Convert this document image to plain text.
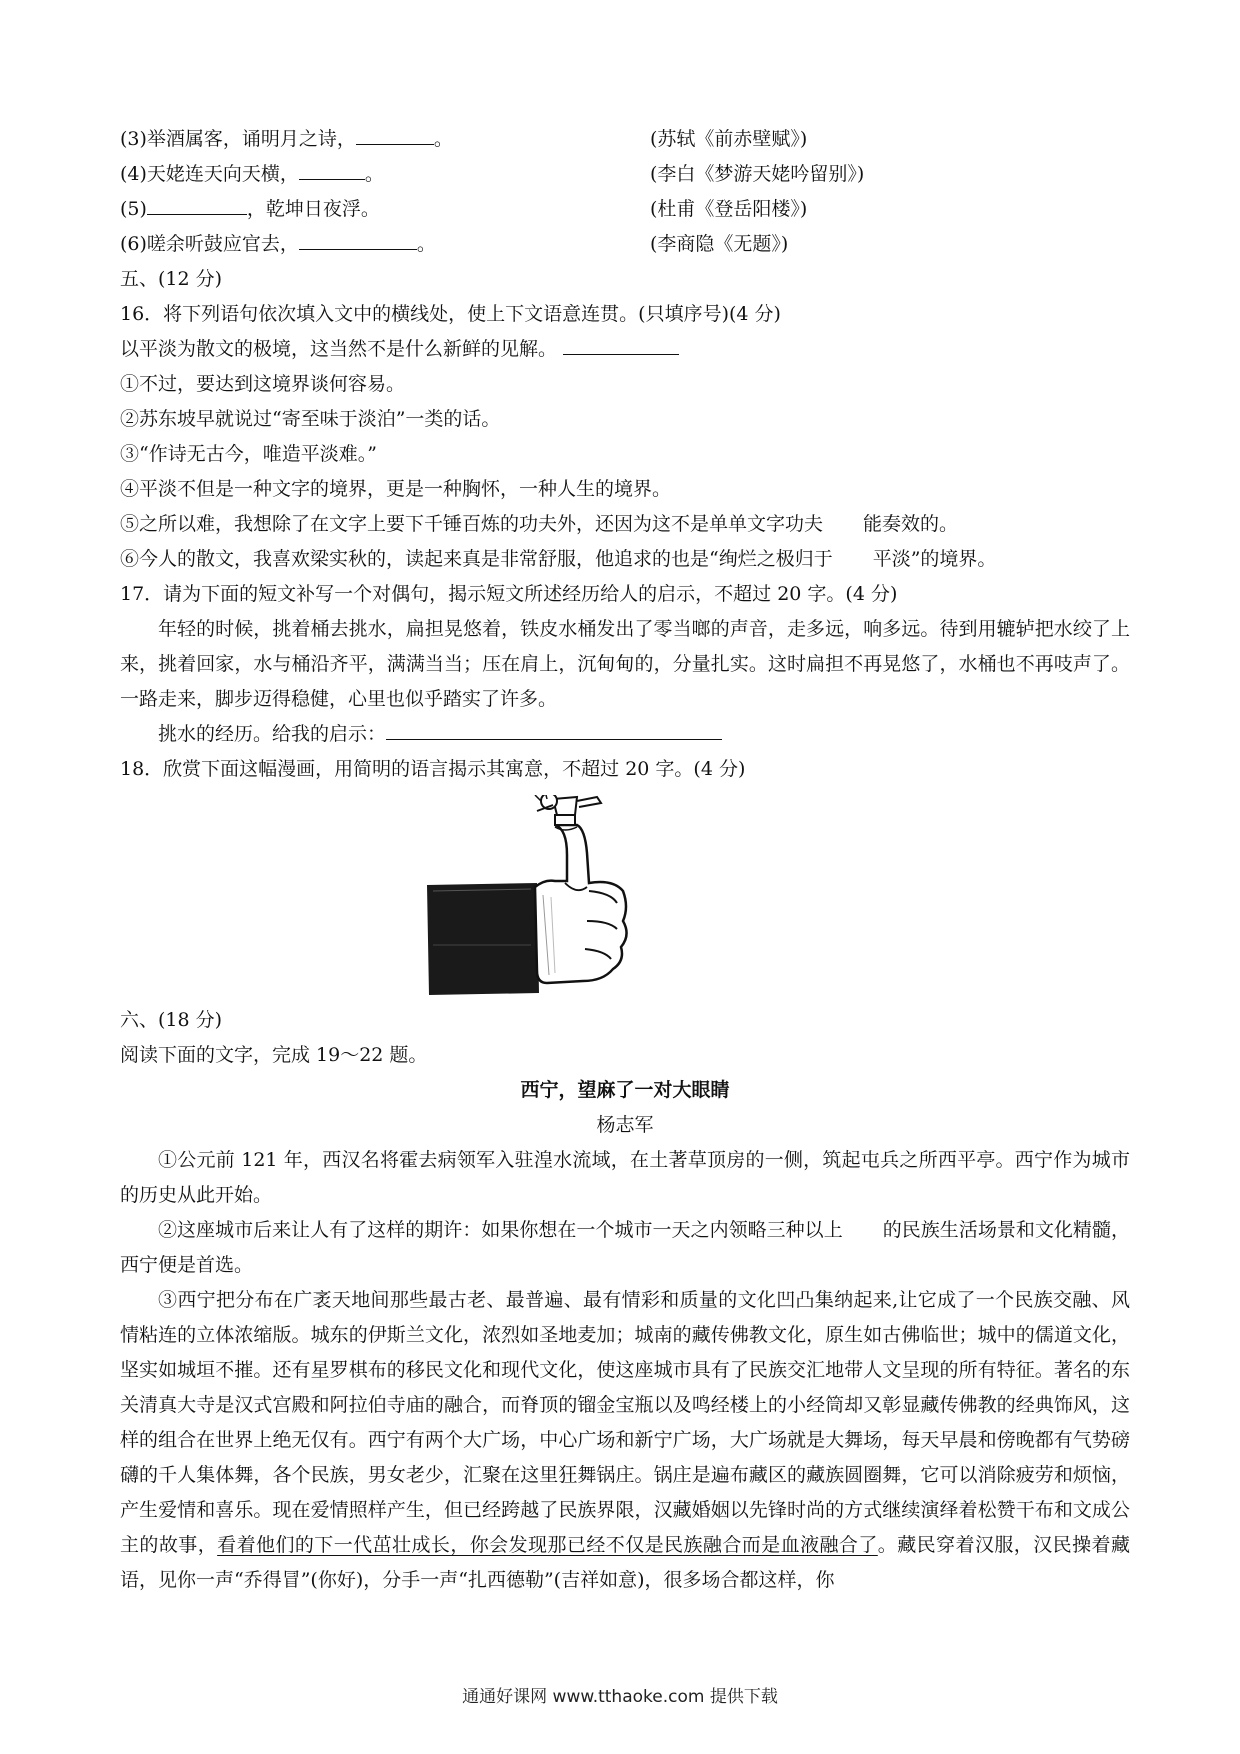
(3)举酒属客，诵明月之诗，	。	(苏轼《前赤壁赋》)
(4)天姥连天向天横，	。	(李白《梦游天姥吟留别》)
(5)	，乾坤日夜浮。	(杜甫《登岳阳楼》)
(6)嗟余听鼓应官去，	。	(李商隐《无题》)
五、(12 分)
16．将下列语句依次填入文中的横线处，使上下文语意连贯。(只填序号)(4 分)
以平淡为散文的极境，这当然不是什么新鲜的见解。
①不过，要达到这境界谈何容易。
②苏东坡早就说过“寄至味于淡泊”一类的话。
③“作诗无古今，唯造平淡难。”
④平淡不但是一种文字的境界，更是一种胸怀，一种人生的境界。
⑤之所以难，我想除了在文字上要下千锤百炼的功夫外，还因为这不是单单文字功夫 能奏效的。
⑥今人的散文，我喜欢梁实秋的，读起来真是非常舒服，他追求的也是“绚烂之极归于 平淡”的境界。
17．请为下面的短文补写一个对偶句，揭示短文所述经历给人的启示，不超过 20 字。(4 分)
年轻的时候，挑着桶去挑水，扁担晃悠着，铁皮水桶发出了零当啷的声音，走多远，响多远。待到用辘轳把水绞了上来，挑着回家，水与桶沿齐平，满满当当；压在肩上，沉甸甸的，分量扎实。这时扁担不再晃悠了，水桶也不再吱声了。一路走来，脚步迈得稳健，心里也似乎踏实了许多。
挑水的经历。给我的启示：
18．欣赏下面这幅漫画，用简明的语言揭示其寓意，不超过 20 字。(4 分)
六、(18 分)
阅读下面的文字，完成 19～22 题。
西宁，望麻了一对大眼睛
杨志军
①公元前 121 年，西汉名将霍去病领军入驻湟水流域，在土著草顶房的一侧，筑起屯兵之所西平亭。西宁作为城市的历史从此开始。
②这座城市后来让人有了这样的期许：如果你想在一个城市一天之内领略三种以上 的民族生活场景和文化精髓，西宁便是首选。
③西宁把分布在广袤天地间那些最古老、最普遍、最有情彩和质量的文化凹凸集纳起来,让它成了一个民族交融、风情粘连的立体浓缩版。城东的伊斯兰文化，浓烈如圣地麦加；城南的藏传佛教文化，原生如古佛临世；城中的儒道文化，坚实如城垣不摧。还有星罗棋布的移民文化和现代文化，使这座城市具有了民族交汇地带人文呈现的所有特征。著名的东关清真大寺是汉式宫殿和阿拉伯寺庙的融合，而脊顶的镏金宝瓶以及鸣经楼上的小经筒却又彰显藏传佛教的经典饰风，这样的组合在世界上绝无仅有。西宁有两个大广场，中心广场和新宁广场，大广场就是大舞场，每天早晨和傍晚都有气势磅礴的千人集体舞，各个民族，男女老少，汇聚在这里狂舞锅庄。锅庄是遍布藏区的藏族圆圈舞，它可以消除疲劳和烦恼，产生爱情和喜乐。现在爱情照样产生，但已经跨越了民族界限，汉藏婚姻以先锋时尚的方式继续演绎着松赞干布和文成公主的故事，看着他们的下一代茁壮成长，你会发现那已经不仅是民族融合而是血液融合了。藏民穿着汉服，汉民操着藏语，见你一声“乔得冒”(你好)，分手一声“扎西德勒”(吉祥如意)，很多场合都这样，你
通通好课网 www.tthaoke.com 提供下载
